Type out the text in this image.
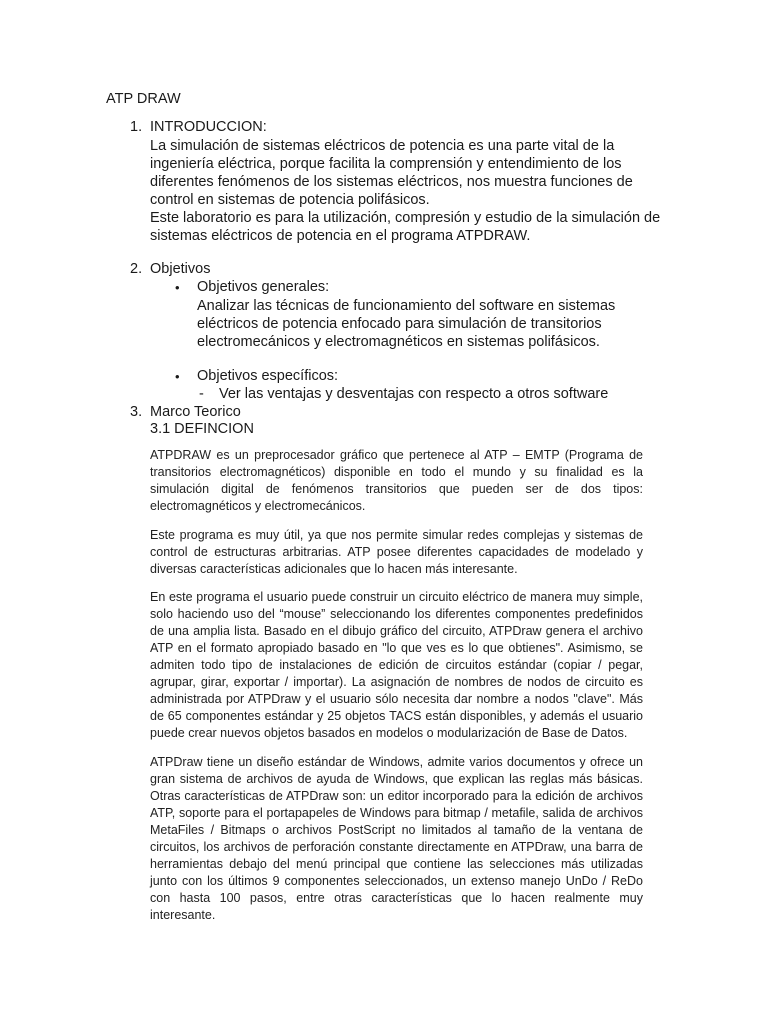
ATP DRAW
1. INTRODUCCION:

La simulación de sistemas eléctricos de potencia es una parte vital de la ingeniería eléctrica, porque facilita la comprensión y entendimiento de los diferentes fenómenos de los sistemas eléctricos, nos muestra funciones de control en sistemas de potencia polifásicos.

Este laboratorio es para la utilización, compresión y estudio de la simulación de sistemas eléctricos de potencia en el programa ATPDRAW.

2. Objetivos
• Objetivos generales:

Analizar las técnicas de funcionamiento del software en sistemas eléctricos de potencia enfocado para simulación de transitorios electromecánicos y electromagnéticos en sistemas polifásicos.

• Objetivos específicos:
- Ver las ventajas y desventajas con respecto a otros software
3. Marco Teorico
3.1 DEFINCION

ATPDRAW es un preprocesador gráfico que pertenece al ATP – EMTP (Programa de transitorios electromagnéticos) disponible en todo el mundo y su finalidad es la simulación digital de fenómenos transitorios que pueden ser de dos tipos: electromagnéticos y electromecánicos.

Este programa es muy útil, ya que nos permite simular redes complejas y sistemas de control de estructuras arbitrarias. ATP posee diferentes capacidades de modelado y diversas características adicionales que lo hacen más interesante.

En este programa el usuario puede construir un circuito eléctrico de manera muy simple, solo haciendo uso del “mouse” seleccionando los diferentes componentes predefinidos de una amplia lista. Basado en el dibujo gráfico del circuito, ATPDraw genera el archivo ATP en el formato apropiado basado en "lo que ves es lo que obtienes". Asimismo, se admiten todo tipo de instalaciones de edición de circuitos estándar (copiar / pegar, agrupar, girar, exportar / importar). La asignación de nombres de nodos de circuito es administrada por ATPDraw y el usuario sólo necesita dar nombre a nodos "clave". Más de 65 componentes estándar y 25 objetos TACS están disponibles, y además el usuario puede crear nuevos objetos basados en modelos o modularización de Base de Datos.

ATPDraw tiene un diseño estándar de Windows, admite varios documentos y ofrece un gran sistema de archivos de ayuda de Windows, que explican las reglas más básicas. Otras características de ATPDraw son: un editor incorporado para la edición de archivos ATP, soporte para el portapapeles de Windows para bitmap / metafile, salida de archivos MetaFiles / Bitmaps o archivos PostScript no limitados al tamaño de la ventana de circuitos, los archivos de perforación constante directamente en ATPDraw, una barra de herramientas debajo del menú principal que contiene las selecciones más utilizadas junto con los últimos 9 componentes seleccionados, un extenso manejo UnDo / ReDo con hasta 100 pasos, entre otras características que lo hacen realmente muy interesante.
